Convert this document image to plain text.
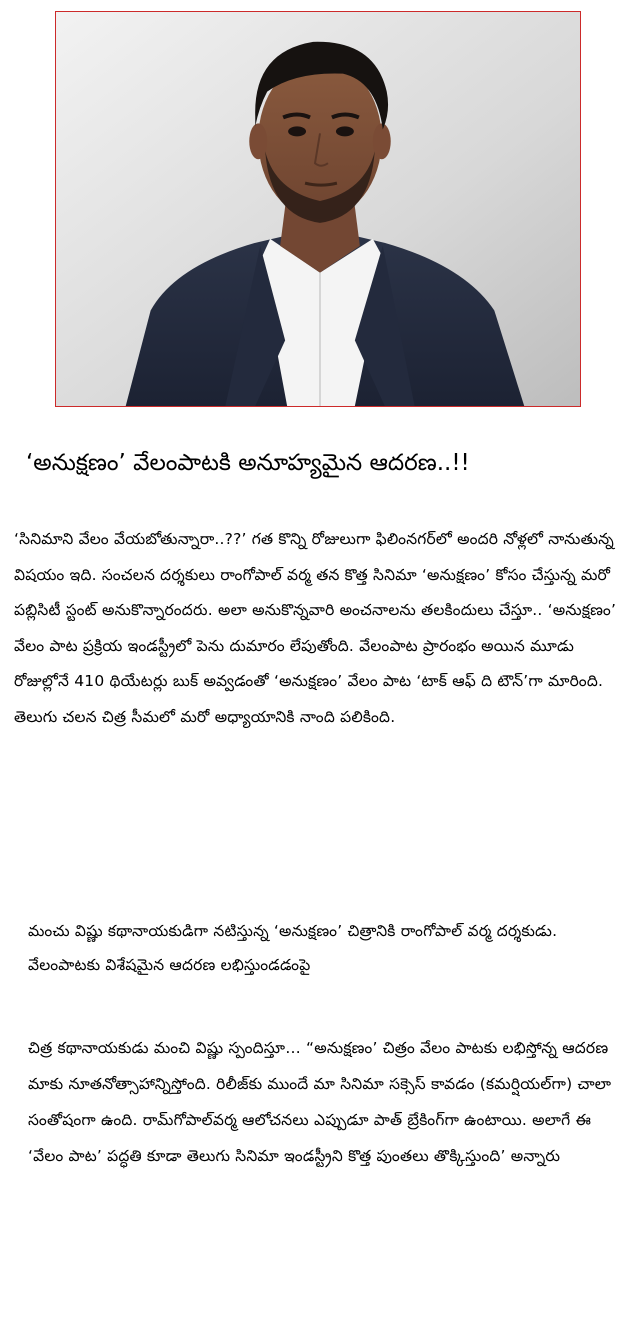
‘అనుక్షణం’ వేలంపాటకి అనూహ్యమైన ఆదరణ..!!

‘సినిమాని వేలం వేయబోతున్నారా..??’ గత కొన్ని రోజులుగా ఫిలింనగర్‌లో అందరి నోళ్లలో నానుతున్న విషయం ఇది. సంచలన దర్శకులు రాంగోపాల్ వర్మ తన కొత్త సినిమా ‘అనుక్షణం’ కోసం చేస్తున్న మరో పబ్లిసిటీ స్టంట్ అనుకొన్నారందరు. అలా అనుకొన్నవారి అంచనాలను తలకిందులు చేస్తూ.. ‘అనుక్షణం’ వేలం పాట ప్రక్రియ ఇండస్ట్రీలో పెను దుమారం లేపుతోంది. వేలంపాట ప్రారంభం అయిన మూడు రోజుల్లోనే 410 థియేటర్లు బుక్ అవ్వడంతో ‘అనుక్షణం’ వేలం పాట ‘టాక్ ఆఫ్ ది టౌన్’గా మారింది. తెలుగు చలన చిత్ర సీమలో మరో అధ్యాయానికి నాంది పలికింది.

మంచు విష్ణు కథానాయకుడిగా నటిస్తున్న ‘అనుక్షణం’ చిత్రానికి రాంగోపాల్ వర్మ దర్శకుడు. వేలంపాటకు విశేషమైన ఆదరణ లభిస్తుండడంపై

చిత్ర కథానాయకుడు మంచి విష్ణు స్పందిస్తూ… “అనుక్షణం’ చిత్రం వేలం పాటకు లభిస్తోన్న ఆదరణ మాకు నూతనోత్సాహాన్నిస్తోంది. రిలీజ్‌కు ముందే మా సినిమా సక్సెస్ కావడం (కమర్షియల్‌గా) చాలా సంతోషంగా ఉంది. రామ్‌గోపాల్‌వర్మ ఆలోచనలు ఎప్పుడూ పాత్ బ్రేకింగ్‌గా ఉంటాయి. అలాగే ఈ ‘వేలం పాట’ పద్ధతి కూడా తెలుగు సినిమా ఇండస్ట్రీని కొత్త పుంతలు తొక్కిస్తుంది’ అన్నారు
